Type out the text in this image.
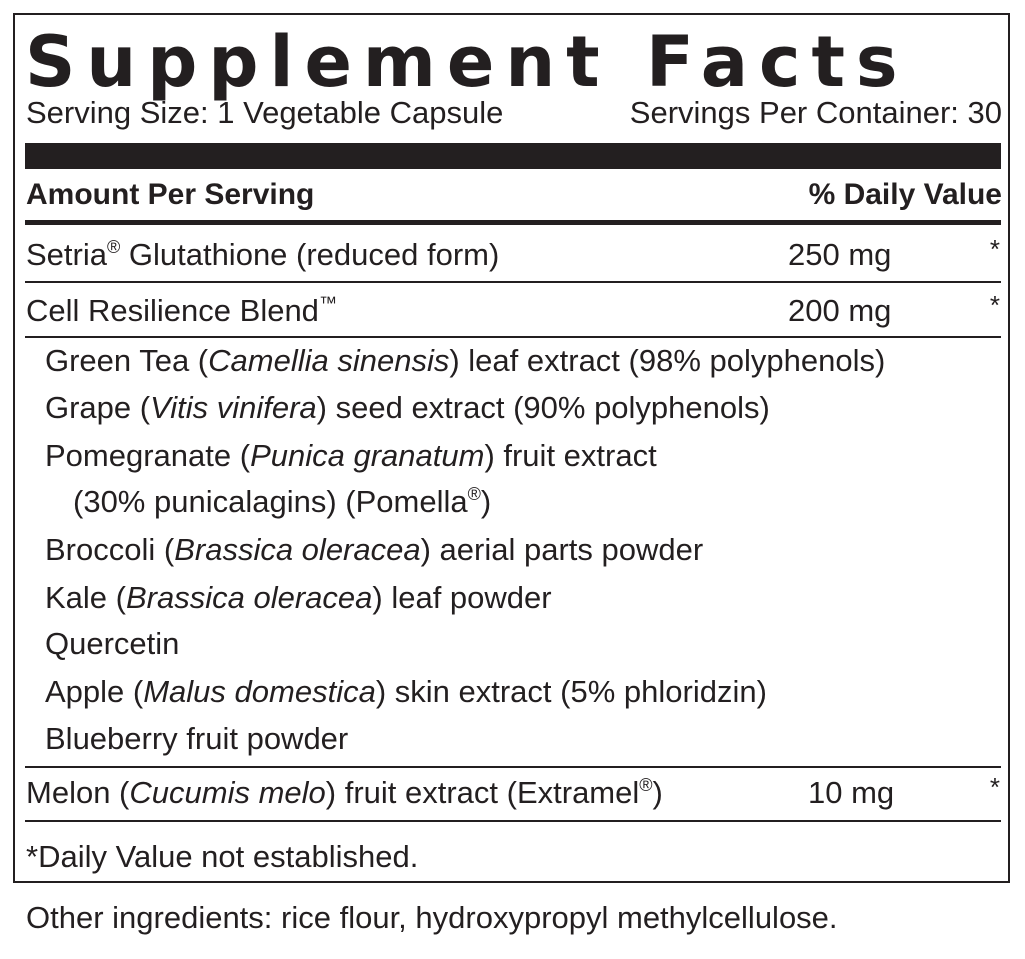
Supplement Facts
Serving Size: 1 Vegetable Capsule	Servings Per Container: 30
Amount Per Serving	% Daily Value
Setria® Glutathione (reduced form)	250 mg	*
Cell Resilience Blend™	200 mg	*
Green Tea (Camellia sinensis) leaf extract (98% polyphenols)
Grape (Vitis vinifera) seed extract (90% polyphenols)
Pomegranate (Punica granatum) fruit extract
(30% punicalagins) (Pomella®)
Broccoli (Brassica oleracea) aerial parts powder
Kale (Brassica oleracea) leaf powder
Quercetin
Apple (Malus domestica) skin extract (5% phloridzin)
Blueberry fruit powder
Melon (Cucumis melo) fruit extract (Extramel®)	10 mg	*
*Daily Value not established.
Other ingredients: rice flour, hydroxypropyl methylcellulose.
